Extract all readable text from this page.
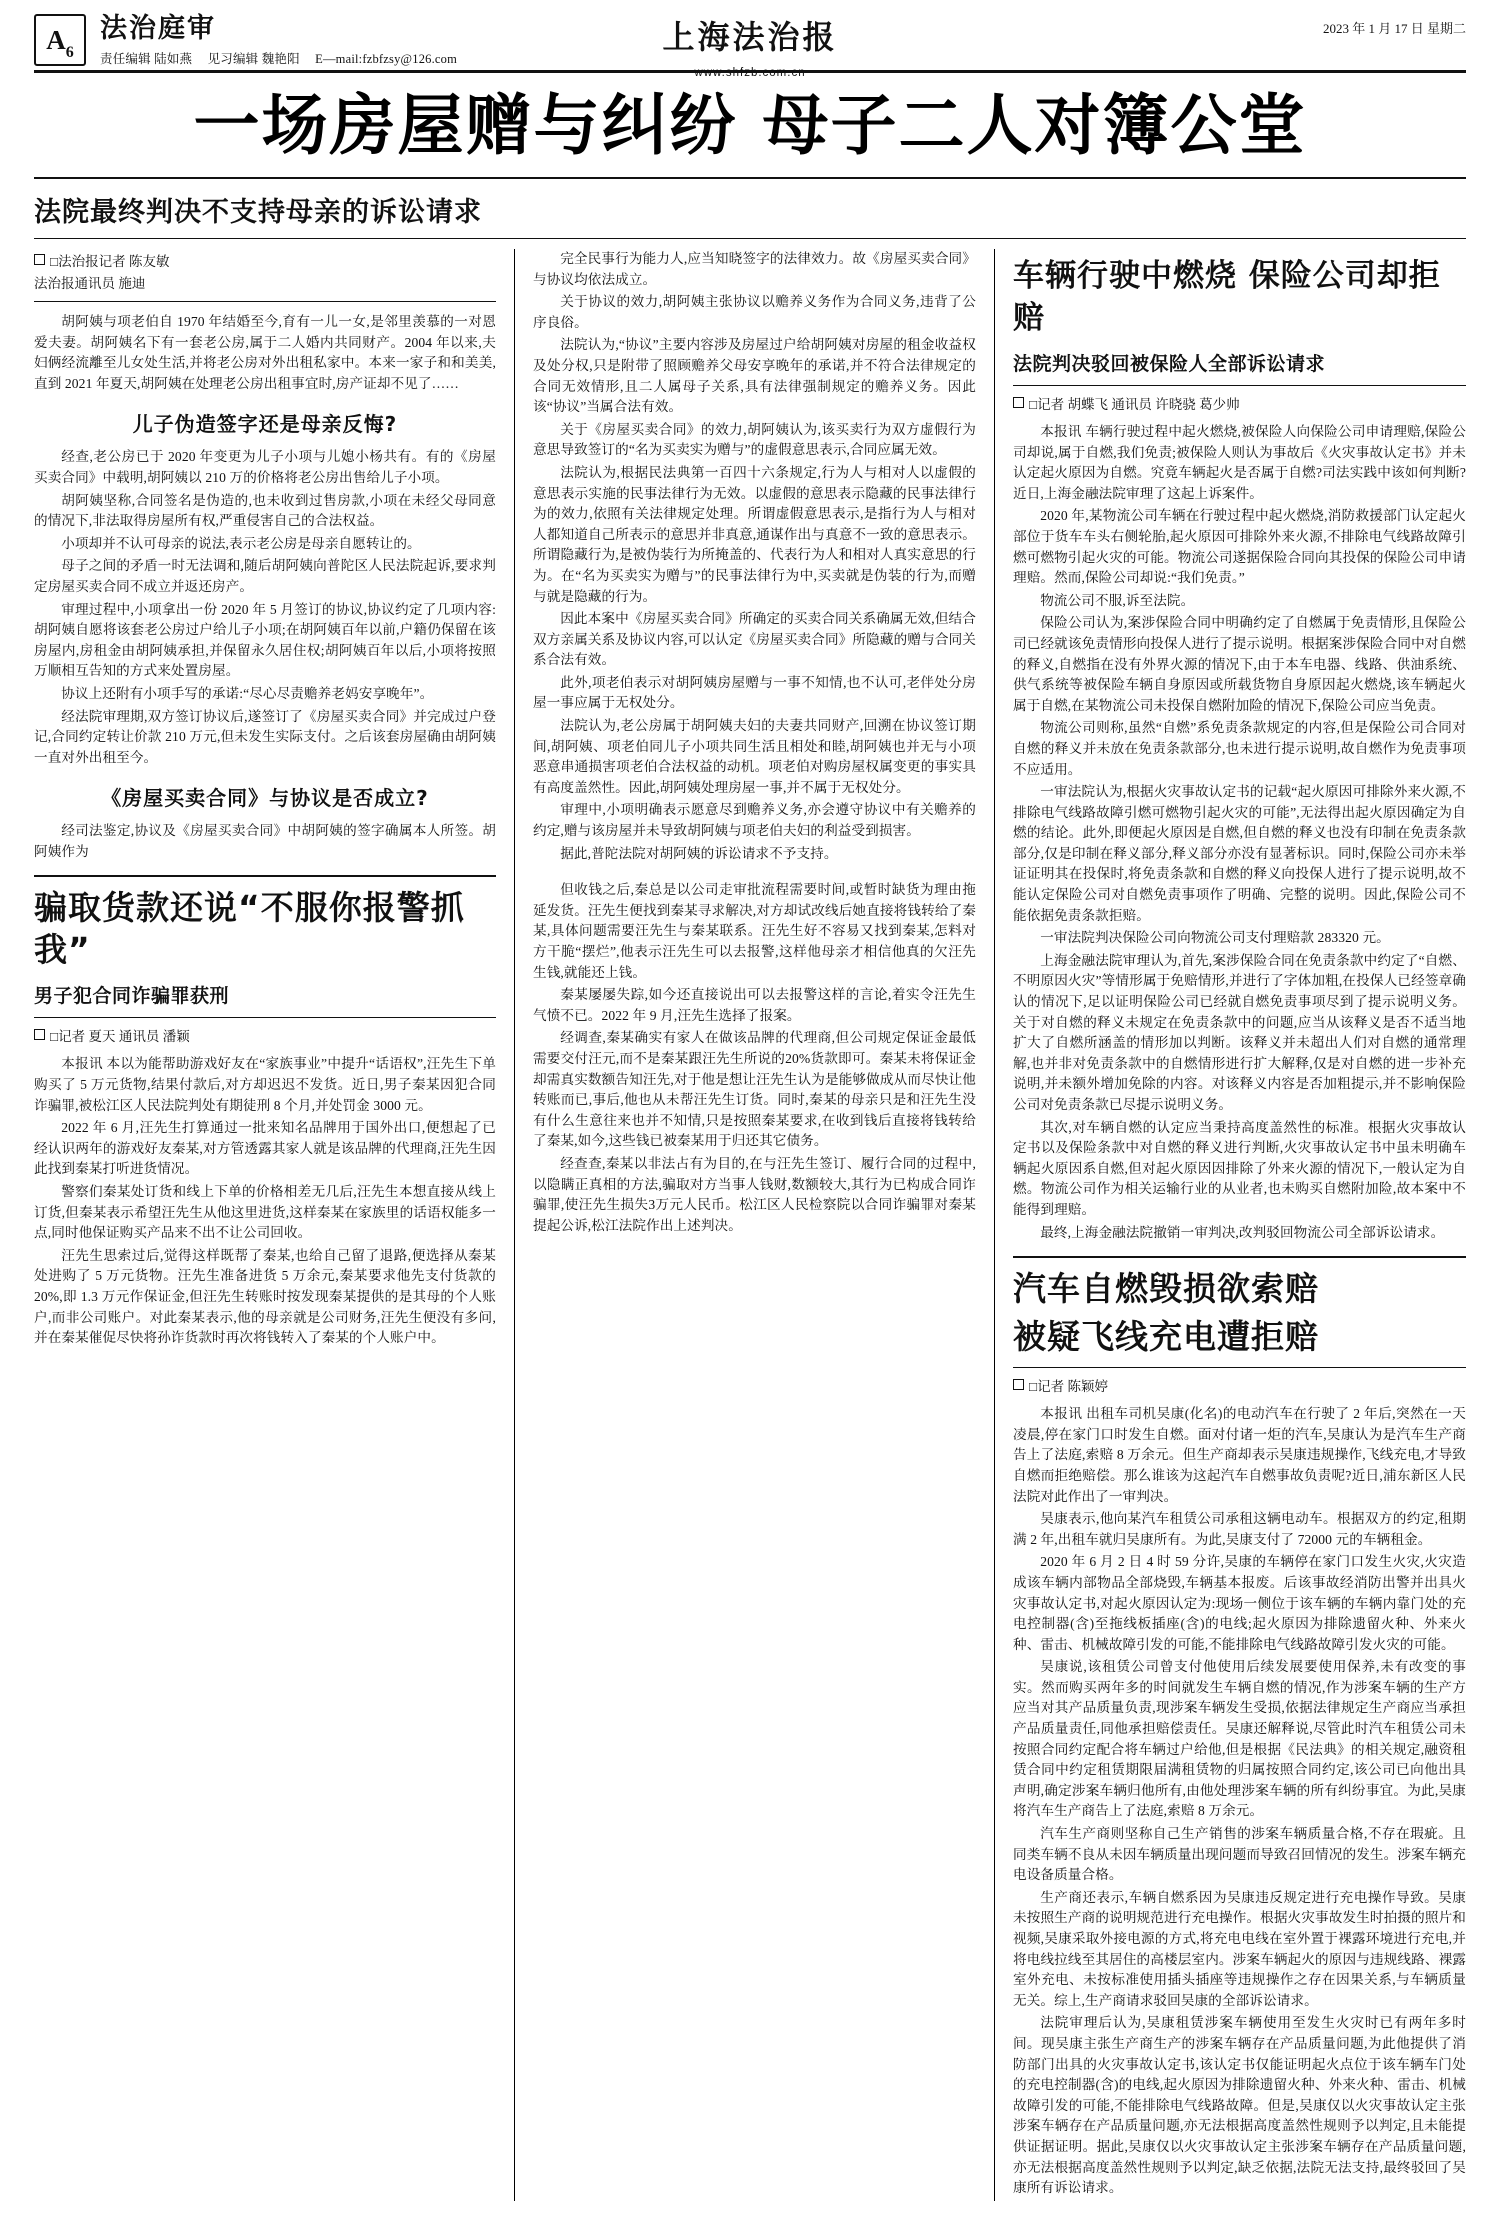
A 6
法治庭审
责任编辑 陆如燕 见习编辑 魏艳阳 E—mail:fzbfzsy@126.com
上海法治报
www.shfzb.com.cn
2023 年 1 月 17 日 星期二
一场房屋赠与纠纷 母子二人对簿公堂
法院最终判决不支持母亲的诉讼请求
□法治报记者 陈友敏
法治报通讯员 施迪

胡阿姨与项老伯自 1970 年结婚至今,育有一儿一女,是邻里羡慕的一对恩爱夫妻。胡阿姨名下有一套老公房,属于二人婚内共同财产。2004 年以来,夫妇俩经流離至儿女处生活,并将老公房对外出租私家中。本来一家子和和美美,直到 2021 年夏天,胡阿姨在处理老公房出租事宜时,房产证却不见了……

儿子伪造签字还是母亲反悔?

经查,老公房已于 2020 年变更为儿子小项与儿媳小杨共有。有的《房屋买卖合同》中载明,胡阿姨以 210 万的价格将老公房出售给儿子小项。

胡阿姨坚称,合同签名是伪造的,也未收到过售房款,小项在未经父母同意的情况下,非法取得房屋所有权,严重侵害自己的合法权益。

小项却并不认可母亲的说法,表示老公房是母亲自愿转让的。

母子之间的矛盾一时无法调和,随后胡阿姨向普陀区人民法院起诉,要求判定房屋买卖合同不成立并返还房产。

审理过程中,小项拿出一份 2020 年 5 月签订的协议,协议约定了几项内容:胡阿姨自愿将该套老公房过户给儿子小项;在胡阿姨百年以前,户籍仍保留在该房屋内,房租金由胡阿姨承担,并保留永久居住权;胡阿姨百年以后,小项将按照万顺相互告知的方式来处置房屋。

协议上还附有小项手写的承诺:“尽心尽责赡养老妈安享晚年”。

经法院审理期,双方签订协议后,遂签订了《房屋买卖合同》并完成过户登记,合同约定转让价款 210 万元,但未发生实际支付。之后该套房屋确由胡阿姨一直对外出租至今。

《房屋买卖合同》与协议是否成立?

经司法鉴定,协议及《房屋买卖合同》中胡阿姨的签字确属本人所签。胡阿姨作为

骗取货款还说“不服你报警抓我”
男子犯合同诈骗罪获刑
□记者 夏天 通讯员 潘颖

本报讯 本以为能帮助游戏好友在“家族事业”中提升“话语权”,汪先生下单购买了 5 万元货物,结果付款后,对方却迟迟不发货。近日,男子秦某因犯合同诈骗罪,被松江区人民法院判处有期徒刑 8 个月,并处罚金 3000 元。

2022 年 6 月,汪先生打算通过一批来知名品牌用于国外出口,便想起了已经认识两年的游戏好友秦某,对方管透露其家人就是该品牌的代理商,汪先生因此找到秦某打听进货情况。

警察们秦某处订货和线上下单的价格相差无几后,汪先生本想直接从线上订货,但秦某表示希望汪先生从他这里进货,这样秦某在家族里的话语权能多一点,同时他保证购买产品来不出不让公司回收。

汪先生思索过后,觉得这样既帮了秦某,也给自己留了退路,便选择从秦某处进购了 5 万元货物。汪先生准备进货 5 万余元,秦某要求他先支付货款的 20%,即 1.3 万元作保证金,但汪先生转账时按发现秦某提供的是其母的个人账户,而非公司账户。对此秦某表示,他的母亲就是公司财务,汪先生便没有多问,并在秦某催促尽快将孙诈货款时再次将钱转入了秦某的个人账户中。

完全民事行为能力人,应当知晓签字的法律效力。故《房屋买卖合同》与协议均依法成立。

关于协议的效力,胡阿姨主张协议以赡养义务作为合同义务,违背了公序良俗。

法院认为,“协议”主要内容涉及房屋过户给胡阿姨对房屋的租金收益权及处分权,只是附带了照顾赡养父母安享晚年的承诺,并不符合法律规定的合同无效情形,且二人属母子关系,具有法律强制规定的赡养义务。因此该“协议”当属合法有效。

关于《房屋买卖合同》的效力,胡阿姨认为,该买卖行为双方虚假行为意思导致签订的“名为买卖实为赠与”的虚假意思表示,合同应属无效。

法院认为,根据民法典第一百四十六条规定,行为人与相对人以虚假的意思表示实施的民事法律行为无效。以虚假的意思表示隐藏的民事法律行为的效力,依照有关法律规定处理。所谓虚假意思表示,是指行为人与相对人都知道自己所表示的意思并非真意,通谋作出与真意不一致的意思表示。所谓隐藏行为,是被伪装行为所掩盖的、代表行为人和相对人真实意思的行为。在“名为买卖实为赠与”的民事法律行为中,买卖就是伪装的行为,而赠与就是隐藏的行为。

因此本案中《房屋买卖合同》所确定的买卖合同关系确属无效,但结合双方亲属关系及协议内容,可以认定《房屋买卖合同》所隐藏的赠与合同关系合法有效。

此外,项老伯表示对胡阿姨房屋赠与一事不知情,也不认可,老伴处分房屋一事应属于无权处分。

法院认为,老公房属于胡阿姨夫妇的夫妻共同财产,回溯在协议签订期间,胡阿姨、项老伯同儿子小项共同生活且相处和睦,胡阿姨也并无与小项恶意串通损害项老伯合法权益的动机。项老伯对购房屋权属变更的事实具有高度盖然性。因此,胡阿姨处理房屋一事,并不属于无权处分。

审理中,小项明确表示愿意尽到赡养义务,亦会遵守协议中有关赡养的约定,赠与该房屋并未导致胡阿姨与项老伯夫妇的利益受到损害。

据此,普陀法院对胡阿姨的诉讼请求不予支持。

但收钱之后,秦总是以公司走审批流程需要时间,或暂时缺货为理由拖延发货。汪先生便找到秦某寻求解决,对方却试改线后她直接将钱转给了秦某,具体问题需要汪先生与秦某联系。汪先生好不容易又找到秦某,怎料对方干脆“摆烂”,他表示汪先生可以去报警,这样他母亲才相信他真的欠汪先生钱,就能还上钱。

秦某屡屡失踪,如今还直接说出可以去报警这样的言论,着实令汪先生气愤不已。2022 年 9 月,汪先生选择了报案。

经调查,秦某确实有家人在做该品牌的代理商,但公司规定保证金最低需要交付汪元,而不是秦某跟汪先生所说的20%货款即可。秦某未将保证金却需真实数额告知汪先,对于他是想让汪先生认为是能够做成从而尽快让他转账而已,事后,他也从未帮汪先生订货。同时,秦某的母亲只是和汪先生没有什么生意往来也并不知情,只是按照秦某要求,在收到钱后直接将钱转给了秦某,如今,这些钱已被秦某用于归还其它债务。

经查查,秦某以非法占有为目的,在与汪先生签订、履行合同的过程中,以隐瞒正真相的方法,骗取对方当事人钱财,数额较大,其行为已构成合同诈骗罪,使汪先生损失3万元人民币。松江区人民检察院以合同诈骗罪对秦某提起公诉,松江法院作出上述判决。

车辆行驶中燃烧 保险公司却拒赔
法院判决驳回被保险人全部诉讼请求
□记者 胡蝶飞 通讯员 许晓骁 葛少帅

本报讯 车辆行驶过程中起火燃烧,被保险人向保险公司申请理赔,保险公司却说,属于自燃,我们免责;被保险人则认为事故后《火灾事故认定书》并未认定起火原因为自燃。究竟车辆起火是否属于自燃?司法实践中该如何判断?近日,上海金融法院审理了这起上诉案件。

2020 年,某物流公司车辆在行驶过程中起火燃烧,消防救援部门认定起火部位于货车车头右侧轮胎,起火原因可排除外来火源,不排除电气线路故障引燃可燃物引起火灾的可能。物流公司遂据保险合同向其投保的保险公司申请理赔。然而,保险公司却说:“我们免责。”

物流公司不服,诉至法院。

保险公司认为,案涉保险合同中明确约定了自燃属于免责情形,且保险公司已经就该免责情形向投保人进行了提示说明。根据案涉保险合同中对自燃的释义,自燃指在没有外界火源的情况下,由于本车电器、线路、供油系统、供气系统等被保险车辆自身原因或所载货物自身原因起火燃烧,该车辆起火属于自燃,在某物流公司未投保自燃附加险的情况下,保险公司应当免责。

物流公司则称,虽然“自燃”系免责条款规定的内容,但是保险公司合同对自燃的释义并未放在免责条款部分,也未进行提示说明,故自燃作为免责事项不应适用。

一审法院认为,根据火灾事故认定书的记载“起火原因可排除外来火源,不排除电气线路故障引燃可燃物引起火灾的可能”,无法得出起火原因确定为自燃的结论。此外,即便起火原因是自燃,但自燃的释义也没有印制在免责条款部分,仅是印制在释义部分,释义部分亦没有显著标识。同时,保险公司亦未举证证明其在投保时,将免责条款和自燃的释义向投保人进行了提示说明,故不能认定保险公司对自燃免责事项作了明确、完整的说明。因此,保险公司不能依据免责条款拒赔。

一审法院判决保险公司向物流公司支付理赔款 283320 元。

上海金融法院审理认为,首先,案涉保险合同在免责条款中约定了“自燃、不明原因火灾”等情形属于免赔情形,并进行了字体加粗,在投保人已经签章确认的情况下,足以证明保险公司已经就自燃免责事项尽到了提示说明义务。关于对自燃的释义未规定在免责条款中的问题,应当从该释义是否不适当地扩大了自燃所涵盖的情形加以判断。该释义并未超出人们对自燃的通常理解,也并非对免责条款中的自燃情形进行扩大解释,仅是对自燃的进一步补充说明,并未额外增加免除的内容。对该释义内容是否加粗提示,并不影响保险公司对免责条款已尽提示说明义务。

其次,对车辆自燃的认定应当秉持高度盖然性的标准。根据火灾事故认定书以及保险条款中对自燃的释义进行判断,火灾事故认定书中虽未明确车辆起火原因系自燃,但对起火原因因排除了外来火源的情况下,一般认定为自燃。物流公司作为相关运输行业的从业者,也未购买自燃附加险,故本案中不能得到理赔。

最终,上海金融法院撤销一审判决,改判驳回物流公司全部诉讼请求。

汽车自燃毁损欲索赔
被疑飞线充电遭拒赔
□记者 陈颖婷

本报讯 出租车司机吴康(化名)的电动汽车在行驶了 2 年后,突然在一天凌晨,停在家门口时发生自燃。面对付诸一炬的汽车,吴康认为是汽车生产商告上了法庭,索赔 8 万余元。但生产商却表示吴康违规操作,飞线充电,才导致自燃而拒绝赔偿。那么谁该为这起汽车自燃事故负责呢?近日,浦东新区人民法院对此作出了一审判决。

吴康表示,他向某汽车租赁公司承租这辆电动车。根据双方的约定,租期满 2 年,出租车就归吴康所有。为此,吴康支付了 72000 元的车辆租金。

2020 年 6 月 2 日 4 时 59 分许,吴康的车辆停在家门口发生火灾,火灾造成该车辆内部物品全部烧毁,车辆基本报废。后该事故经消防出警并出具火灾事故认定书,对起火原因认定为:现场一侧位于该车辆的车辆内靠门处的充电控制器(含)至拖线板插座(含)的电线;起火原因为排除遗留火种、外来火种、雷击、机械故障引发的可能,不能排除电气线路故障引发火灾的可能。

吴康说,该租赁公司曾支付他使用后续发展要使用保养,未有改变的事实。然而购买两年多的时间就发生车辆自燃的情况,作为涉案车辆的生产方应当对其产品质量负责,现涉案车辆发生受损,依据法律规定生产商应当承担产品质量责任,同他承担赔偿责任。吴康还解释说,尽管此时汽车租赁公司未按照合同约定配合将车辆过户给他,但是根据《民法典》的相关规定,融资租赁合同中约定租赁期限届满租赁物的归属按照合同约定,该公司已向他出具声明,确定涉案车辆归他所有,由他处理涉案车辆的所有纠纷事宜。为此,吴康将汽车生产商告上了法庭,索赔 8 万余元。

汽车生产商则坚称自己生产销售的涉案车辆质量合格,不存在瑕疵。且同类车辆不良从未因车辆质量出现问题而导致召回情况的发生。涉案车辆充电设备质量合格。

生产商还表示,车辆自燃系因为吴康违反规定进行充电操作导致。吴康未按照生产商的说明规范进行充电操作。根据火灾事故发生时拍摄的照片和视频,吴康采取外接电源的方式,将充电电线在室外置于裸露环境进行充电,并将电线拉线至其居住的高楼层室内。涉案车辆起火的原因与违规线路、裸露室外充电、未按标准使用插头插座等违规操作之存在因果关系,与车辆质量无关。综上,生产商请求驳回吴康的全部诉讼请求。

法院审理后认为,吴康租赁涉案车辆使用至发生火灾时已有两年多时间。现吴康主张生产商生产的涉案车辆存在产品质量问题,为此他提供了消防部门出具的火灾事故认定书,该认定书仅能证明起火点位于该车辆车门处的充电控制器(含)的电线,起火原因为排除遗留火种、外来火种、雷击、机械故障引发的可能,不能排除电气线路故障。但是,吴康仅以火灾事故认定主张涉案车辆存在产品质量问题,亦无法根据高度盖然性规则予以判定,且未能提供证据证明。据此,吴康仅以火灾事故认定主张涉案车辆存在产品质量问题,亦无法根据高度盖然性规则予以判定,缺乏依据,法院无法支持,最终驳回了吴康所有诉讼请求。
